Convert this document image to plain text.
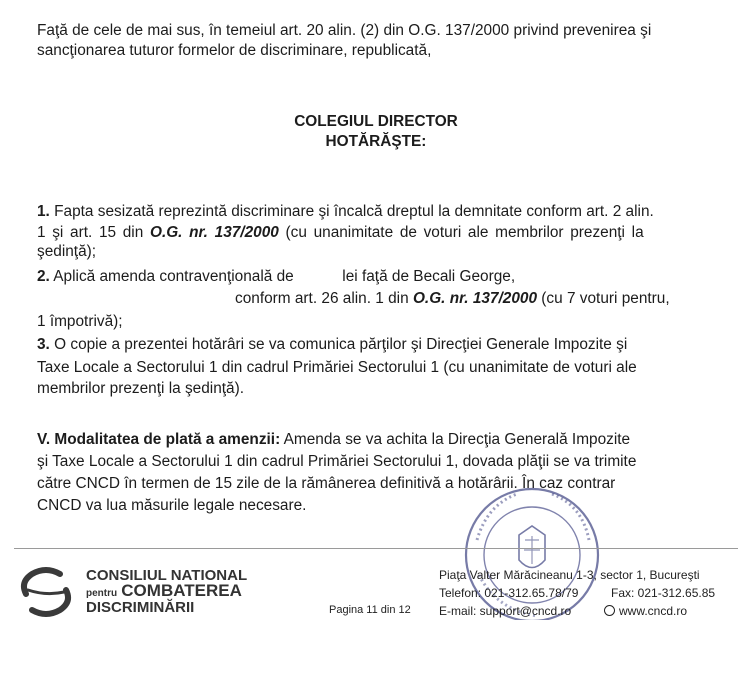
Faţă de cele de mai sus, în temeiul art. 20 alin. (2) din O.G. 137/2000 privind prevenirea şi
sancţionarea tuturor formelor de discriminare, republicată,
COLEGIUL DIRECTOR
HOTĂRĂŞTE:
1. Fapta sesizată reprezintă discriminare şi încalcă dreptul la demnitate conform art. 2 alin.
1 şi art. 15 din O.G. nr. 137/2000 (cu unanimitate de voturi ale membrilor prezenţi la
şedinţă);
2. Aplică amenda contravenţională de	lei faţă de Becali George,
conform art. 26 alin. 1 din O.G. nr. 137/2000 (cu 7 voturi pentru,
1 împotrivă);
3. O copie a prezentei hotărâri se va comunica părţilor şi Direcţiei Generale Impozite şi
Taxe Locale a Sectorului 1 din cadrul Primăriei Sectorului 1 (cu unanimitate de voturi ale
membrilor prezenţi la şedinţă).
V. Modalitatea de plată a amenzii: Amenda se va achita la Direcţia Generală Impozite
şi Taxe Locale a Sectorului 1 din cadrul Primăriei Sectorului 1, dovada plăţii se va trimite
către CNCD în termen de 15 zile de la rămânerea definitivă a hotărârii. În caz contrar
CNCD va lua măsurile legale necesare.
CONSILIUL NATIONAL
pentru COMBATEREA
DISCRIMINĂRII	Pagina 11 din 12
Piaţa Valter Mărăcineanu 1-3, sector 1, Bucureşti
Telefon: 021-312.65.78/79	Fax: 021-312.65.85
E-mail: support@cncd.ro	www.cncd.ro
